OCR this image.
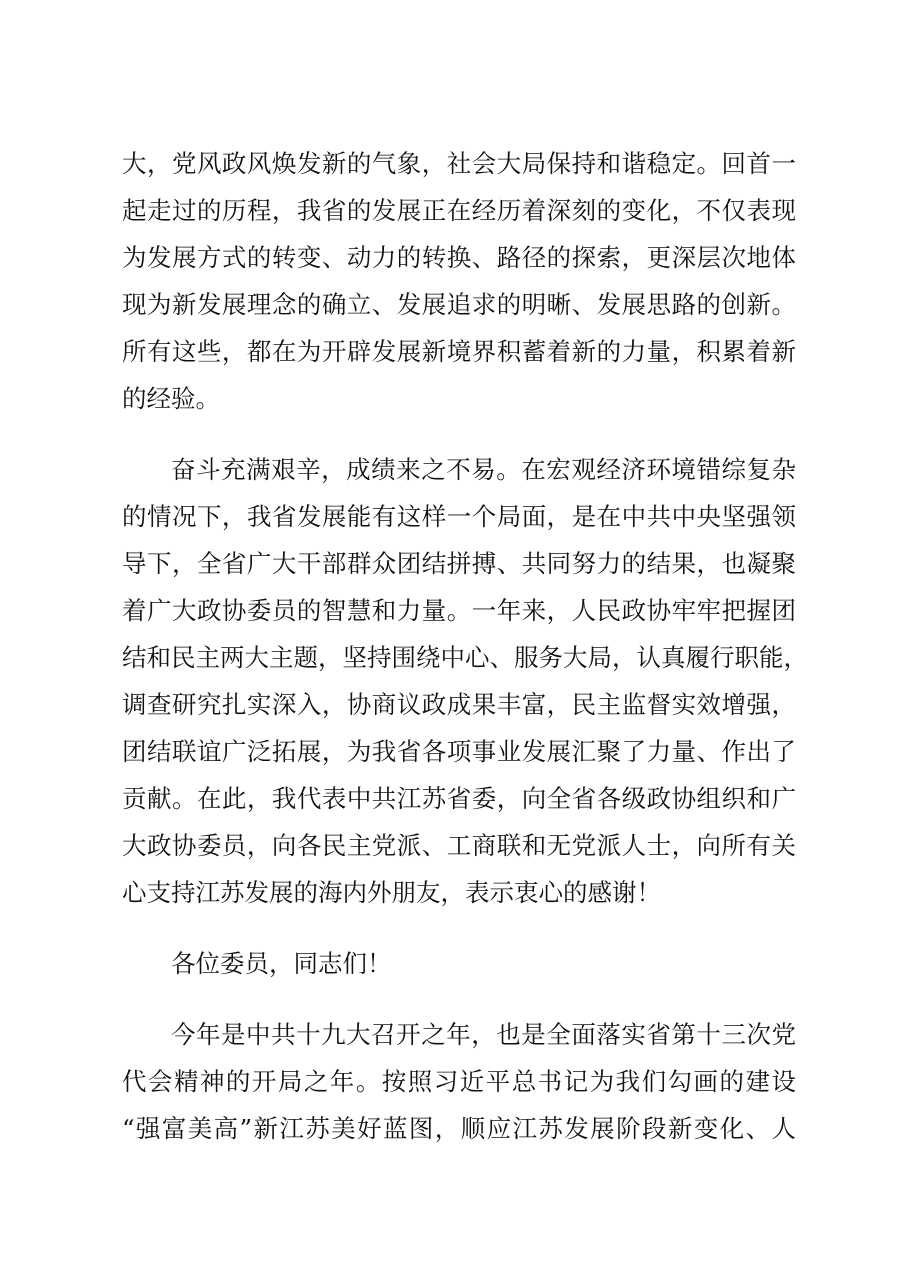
大，党风政风焕发新的气象，社会大局保持和谐稳定。回首一
起走过的历程，我省的发展正在经历着深刻的变化，不仅表现
为发展方式的转变、动力的转换、路径的探索，更深层次地体
现为新发展理念的确立、发展追求的明晰、发展思路的创新。
所有这些，都在为开辟发展新境界积蓄着新的力量，积累着新
的经验。
奋斗充满艰辛，成绩来之不易。在宏观经济环境错综复杂
的情况下，我省发展能有这样一个局面，是在中共中央坚强领
导下，全省广大干部群众团结拼搏、共同努力的结果，也凝聚
着广大政协委员的智慧和力量。一年来，人民政协牢牢把握团
结和民主两大主题，坚持围绕中心、服务大局，认真履行职能，
调查研究扎实深入，协商议政成果丰富，民主监督实效增强，
团结联谊广泛拓展，为我省各项事业发展汇聚了力量、作出了
贡献。在此，我代表中共江苏省委，向全省各级政协组织和广
大政协委员，向各民主党派、工商联和无党派人士，向所有关
心支持江苏发展的海内外朋友，表示衷心的感谢！
各位委员，同志们！
今年是中共十九大召开之年，也是全面落实省第十三次党
代会精神的开局之年。按照习近平总书记为我们勾画的建设
“强富美高”新江苏美好蓝图，顺应江苏发展阶段新变化、人
